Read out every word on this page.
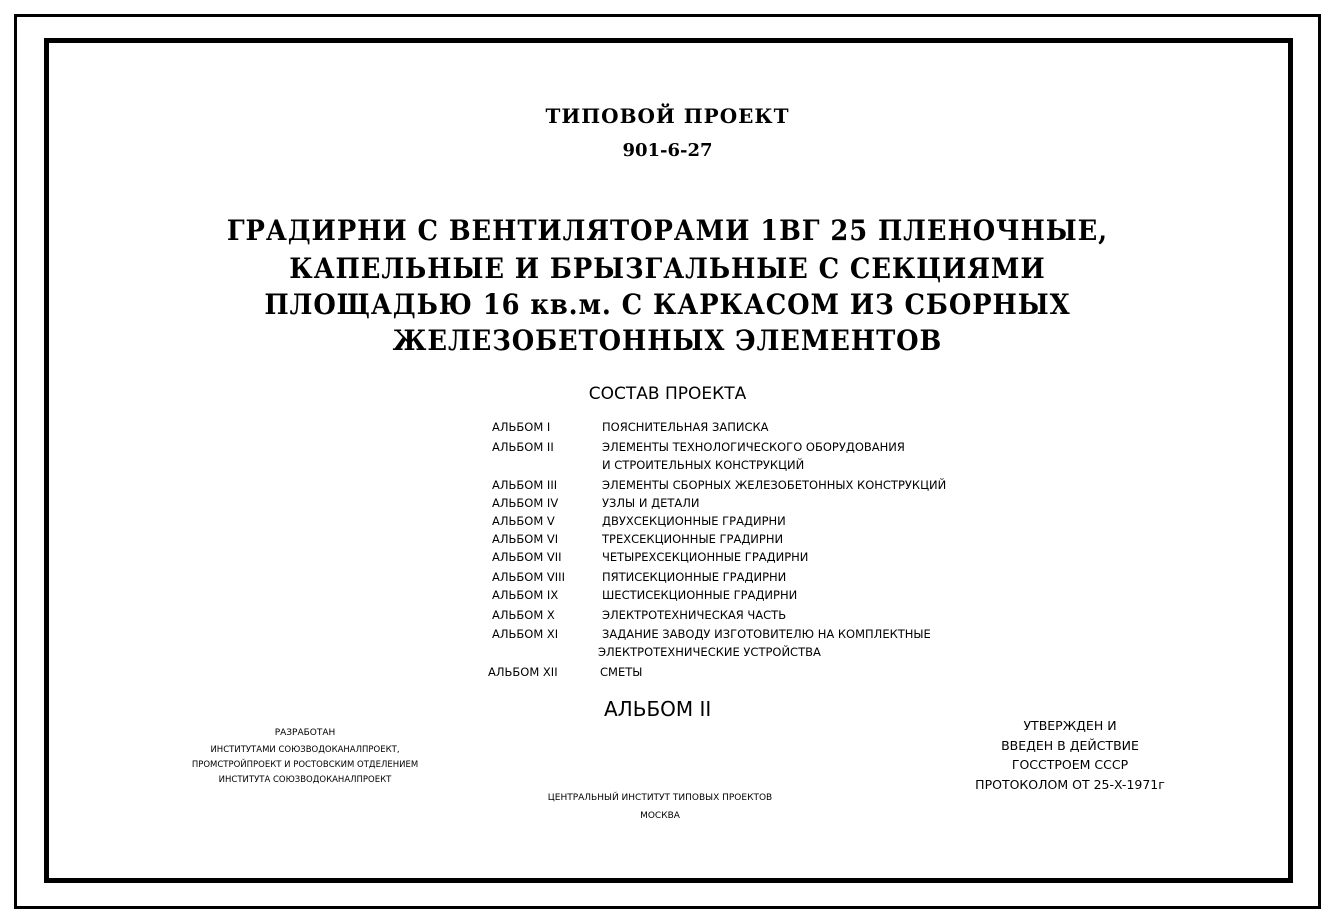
ТИПОВОЙ ПРОЕКТ
901-6-27
ГРАДИРНИ С ВЕНТИЛЯТОРАМИ 1ВГ 25 ПЛЕНОЧНЫЕ,
КАПЕЛЬНЫЕ И БРЫЗГАЛЬНЫЕ С СЕКЦИЯМИ
ПЛОЩАДЬЮ 16 кв.м. С КАРКАСОМ ИЗ СБОРНЫХ
ЖЕЛЕЗОБЕТОННЫХ ЭЛЕМЕНТОВ
СОСТАВ ПРОЕКТА
АЛЬБОМ I	ПОЯСНИТЕЛЬНАЯ ЗАПИСКА
АЛЬБОМ II	ЭЛЕМЕНТЫ ТЕХНОЛОГИЧЕСКОГО ОБОРУДОВАНИЯ
И СТРОИТЕЛЬНЫХ КОНСТРУКЦИЙ
АЛЬБОМ III	ЭЛЕМЕНТЫ СБОРНЫХ ЖЕЛЕЗОБЕТОННЫХ КОНСТРУКЦИЙ
АЛЬБОМ IV	УЗЛЫ И ДЕТАЛИ
АЛЬБОМ V	ДВУХСЕКЦИОННЫЕ ГРАДИРНИ
АЛЬБОМ VI	ТРЕХСЕКЦИОННЫЕ ГРАДИРНИ
АЛЬБОМ VII	ЧЕТЫРЕХСЕКЦИОННЫЕ ГРАДИРНИ
АЛЬБОМ VIII	ПЯТИСЕКЦИОННЫЕ ГРАДИРНИ
АЛЬБОМ IX	ШЕСТИСЕКЦИОННЫЕ ГРАДИРНИ
АЛЬБОМ X	ЭЛЕКТРОТЕХНИЧЕСКАЯ ЧАСТЬ
АЛЬБОМ XI	ЗАДАНИЕ ЗАВОДУ ИЗГОТОВИТЕЛЮ НА КОМПЛЕКТНЫЕ
ЭЛЕКТРОТЕХНИЧЕСКИЕ УСТРОЙСТВА
АЛЬБОМ XII	СМЕТЫ
АЛЬБОМ II
РАЗРАБОТАН
ИНСТИТУТАМИ СОЮЗВОДОКАНАЛПРОЕКТ,
ПРОМСТРОЙПРОЕКТ И РОСТОВСКИМ ОТДЕЛЕНИЕМ
ИНСТИТУТА СОЮЗВОДОКАНАЛПРОЕКТ
УТВЕРЖДЕН И
ВВЕДЕН В ДЕЙСТВИЕ
ГОССТРОЕМ СССР
ПРОТОКОЛОМ ОТ 25-X-1971г
ЦЕНТРАЛЬНЫЙ ИНСТИТУТ ТИПОВЫХ ПРОЕКТОВ
МОСКВА
